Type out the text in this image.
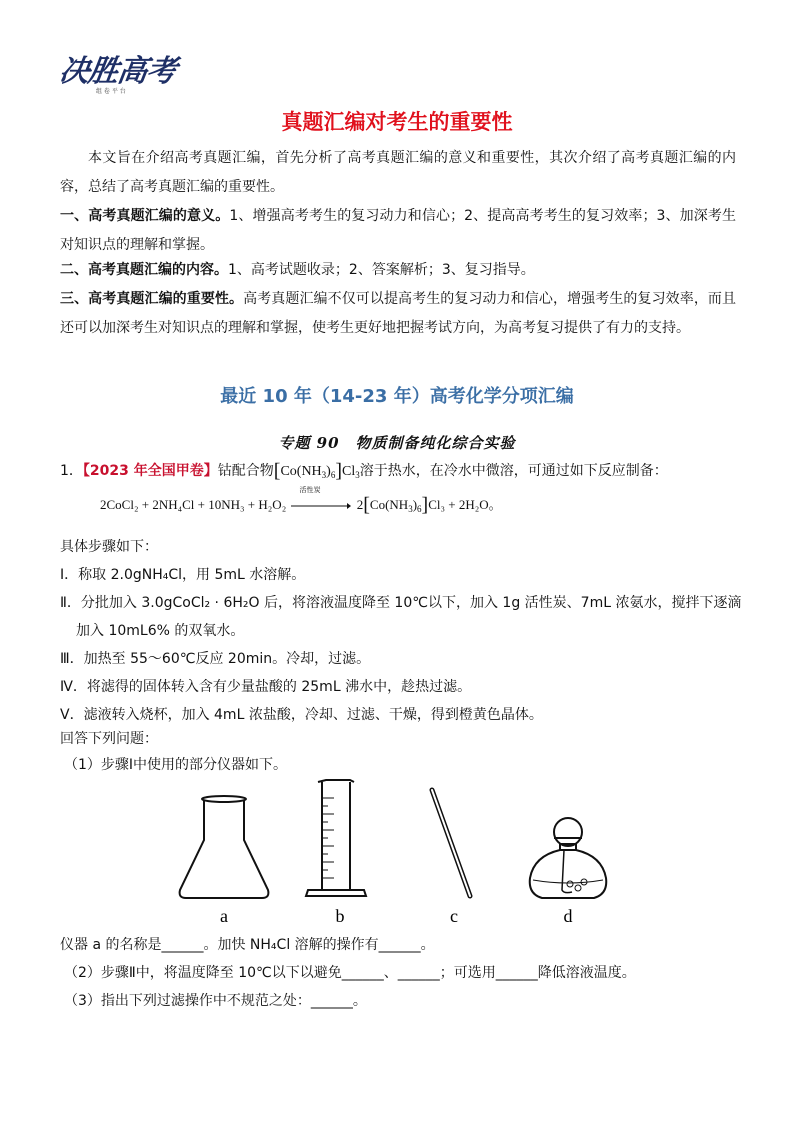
决胜高考
组 卷 平 台
真题汇编对考生的重要性
本文旨在介绍高考真题汇编，首先分析了高考真题汇编的意义和重要性，其次介绍了高考真题汇编的内容，总结了高考真题汇编的重要性。
一、高考真题汇编的意义。1、增强高考考生的复习动力和信心；2、提高高考考生的复习效率；3、加深考生对知识点的理解和掌握。
二、高考真题汇编的内容。1、高考试题收录；2、答案解析；3、复习指导。
三、高考真题汇编的重要性。高考真题汇编不仅可以提高考生的复习动力和信心，增强考生的复习效率，而且还可以加深考生对知识点的理解和掌握，使考生更好地把握考试方向，为高考复习提供了有力的支持。
最近 10 年（14-23 年）高考化学分项汇编
专题 90　物质制备纯化综合实验
1．【2023 年全国甲卷】钴配合物$[Co(NH_3)_6]Cl_3$溶于热水，在冷水中微溶，可通过如下反应制备：
2CoCl₂ + 2NH₄Cl + 10NH₃ + H₂O₂
活性炭
$2[Co(NH_3)_6]Cl_3 + 2H_2O$。
具体步骤如下：
Ⅰ．称取 2.0gNH₄Cl，用 5mL 水溶解。
Ⅱ．分批加入 3.0gCoCl₂ · 6H₂O 后，将溶液温度降至 10℃以下，加入 1g 活性炭、7mL 浓氨水，搅拌下逐滴
加入 10mL6% 的双氧水。
Ⅲ．加热至 55～60℃反应 20min。冷却，过滤。
Ⅳ．将滤得的固体转入含有少量盐酸的 25mL 沸水中，趁热过滤。
Ⅴ．滤液转入烧杯，加入 4mL 浓盐酸，冷却、过滤、干燥，得到橙黄色晶体。
回答下列问题：
（1）步骤Ⅰ中使用的部分仪器如下。
a	b	c	d
仪器 a 的名称是______。加快 NH₄Cl 溶解的操作有______。
（2）步骤Ⅱ中，将温度降至 10℃以下以避免______、______；可选用______降低溶液温度。
（3）指出下列过滤操作中不规范之处：______。
